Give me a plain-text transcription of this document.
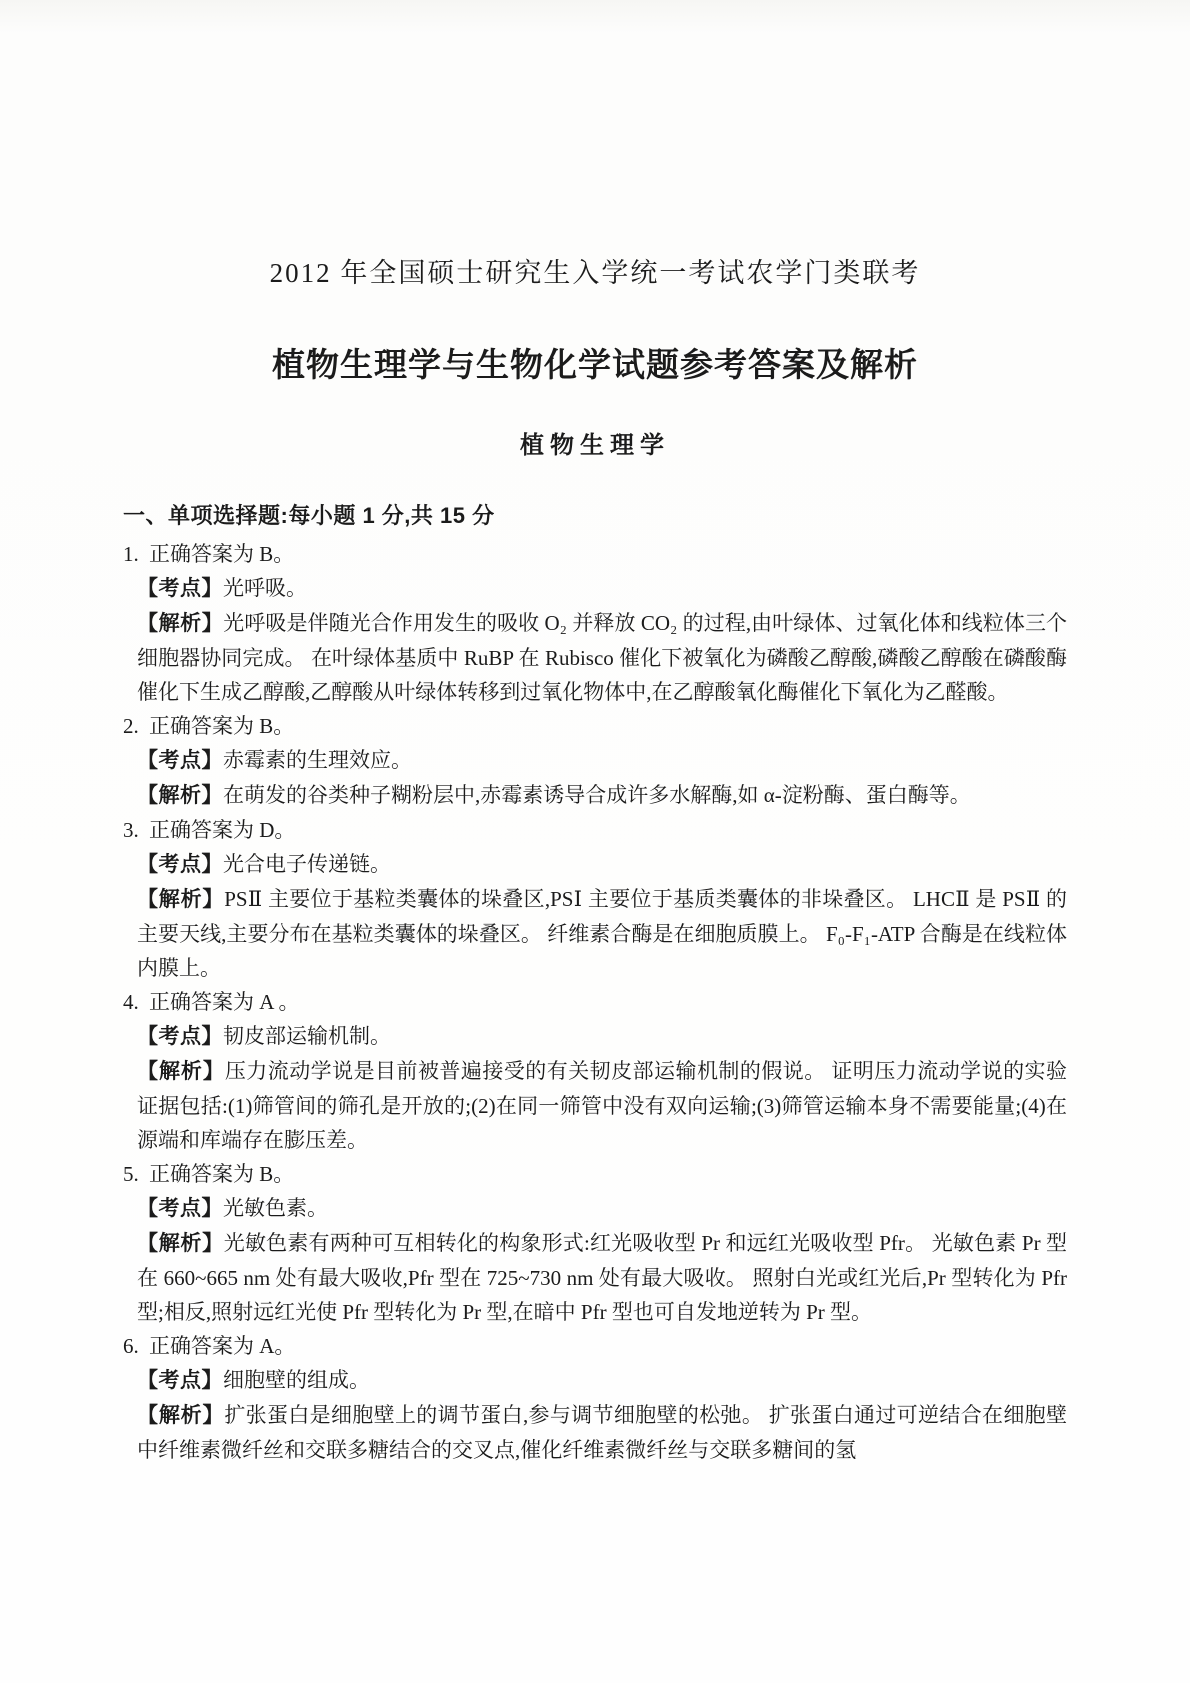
2012 年全国硕士研究生入学统一考试农学门类联考
植物生理学与生物化学试题参考答案及解析
植物生理学
一、单项选择题:每小题 1 分,共 15 分
1. 正确答案为 B。
【考点】光呼吸。
【解析】光呼吸是伴随光合作用发生的吸收 O₂ 并释放 CO₂ 的过程,由叶绿体、过氧化体和线粒体三个细胞器协同完成。 在叶绿体基质中 RuBP 在 Rubisco 催化下被氧化为磷酸乙醇酸,磷酸乙醇酸在磷酸酶催化下生成乙醇酸,乙醇酸从叶绿体转移到过氧化物体中,在乙醇酸氧化酶催化下氧化为乙醛酸。
2. 正确答案为 B。
【考点】赤霉素的生理效应。
【解析】在萌发的谷类种子糊粉层中,赤霉素诱导合成许多水解酶,如 α-淀粉酶、蛋白酶等。
3. 正确答案为 D。
【考点】光合电子传递链。
【解析】PSⅡ 主要位于基粒类囊体的垛叠区,PSⅠ 主要位于基质类囊体的非垛叠区。 LHCⅡ 是 PSⅡ 的主要天线,主要分布在基粒类囊体的垛叠区。 纤维素合酶是在细胞质膜上。 F₀-F₁-ATP 合酶是在线粒体内膜上。
4. 正确答案为 A 。
【考点】韧皮部运输机制。
【解析】压力流动学说是目前被普遍接受的有关韧皮部运输机制的假说。 证明压力流动学说的实验证据包括:(1)筛管间的筛孔是开放的;(2)在同一筛管中没有双向运输;(3)筛管运输本身不需要能量;(4)在源端和库端存在膨压差。
5. 正确答案为 B。
【考点】光敏色素。
【解析】光敏色素有两种可互相转化的构象形式:红光吸收型 Pr 和远红光吸收型 Pfr。 光敏色素 Pr 型在 660~665 nm 处有最大吸收,Pfr 型在 725~730 nm 处有最大吸收。 照射白光或红光后,Pr 型转化为 Pfr 型;相反,照射远红光使 Pfr 型转化为 Pr 型,在暗中 Pfr 型也可自发地逆转为 Pr 型。
6. 正确答案为 A。
【考点】细胞壁的组成。
【解析】扩张蛋白是细胞壁上的调节蛋白,参与调节细胞壁的松弛。 扩张蛋白通过可逆结合在细胞壁中纤维素微纤丝和交联多糖结合的交叉点,催化纤维素微纤丝与交联多糖间的氢
